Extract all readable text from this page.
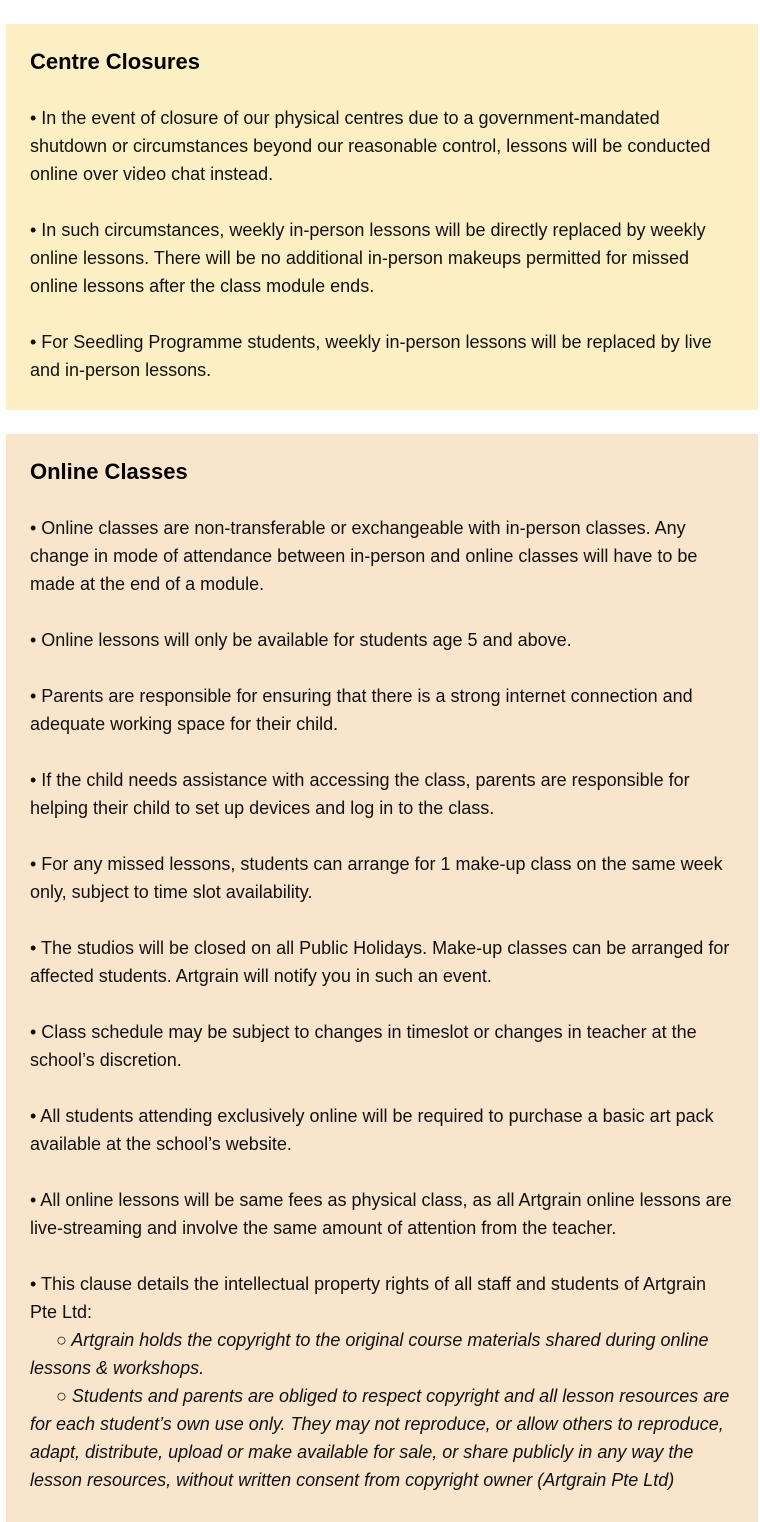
Centre Closures

• In the event of closure of our physical centres due to a government-mandated shutdown or circumstances beyond our reasonable control, lessons will be conducted online over video chat instead.

• In such circumstances, weekly in-person lessons will be directly replaced by weekly online lessons. There will be no additional in-person makeups permitted for missed online lessons after the class module ends.

• For Seedling Programme students, weekly in-person lessons will be replaced by live and in-person lessons.

Online Classes

• Online classes are non-transferable or exchangeable with in-person classes. Any change in mode of attendance between in-person and online classes will have to be made at the end of a module.

• Online lessons will only be available for students age 5 and above.

• Parents are responsible for ensuring that there is a strong internet connection and adequate working space for their child.

• If the child needs assistance with accessing the class, parents are responsible for helping their child to set up devices and log in to the class.

• For any missed lessons, students can arrange for 1 make-up class on the same week only, subject to time slot availability.

• The studios will be closed on all Public Holidays. Make-up classes can be arranged for affected students. Artgrain will notify you in such an event.

• Class schedule may be subject to changes in timeslot or changes in teacher at the school’s discretion.

• All students attending exclusively online will be required to purchase a basic art pack available at the school’s website.

• All online lessons will be same fees as physical class, as all Artgrain online lessons are live-streaming and involve the same amount of attention from the teacher.

• This clause details the intellectual property rights of all staff and students of Artgrain Pte Ltd:
○ Artgrain holds the copyright to the original course materials shared during online lessons & workshops.
○ Students and parents are obliged to respect copyright and all lesson resources are for each student’s own use only. They may not reproduce, or allow others to reproduce, adapt, distribute, upload or make available for sale, or share publicly in any way the lesson resources, without written consent from copyright owner (Artgrain Pte Ltd)
